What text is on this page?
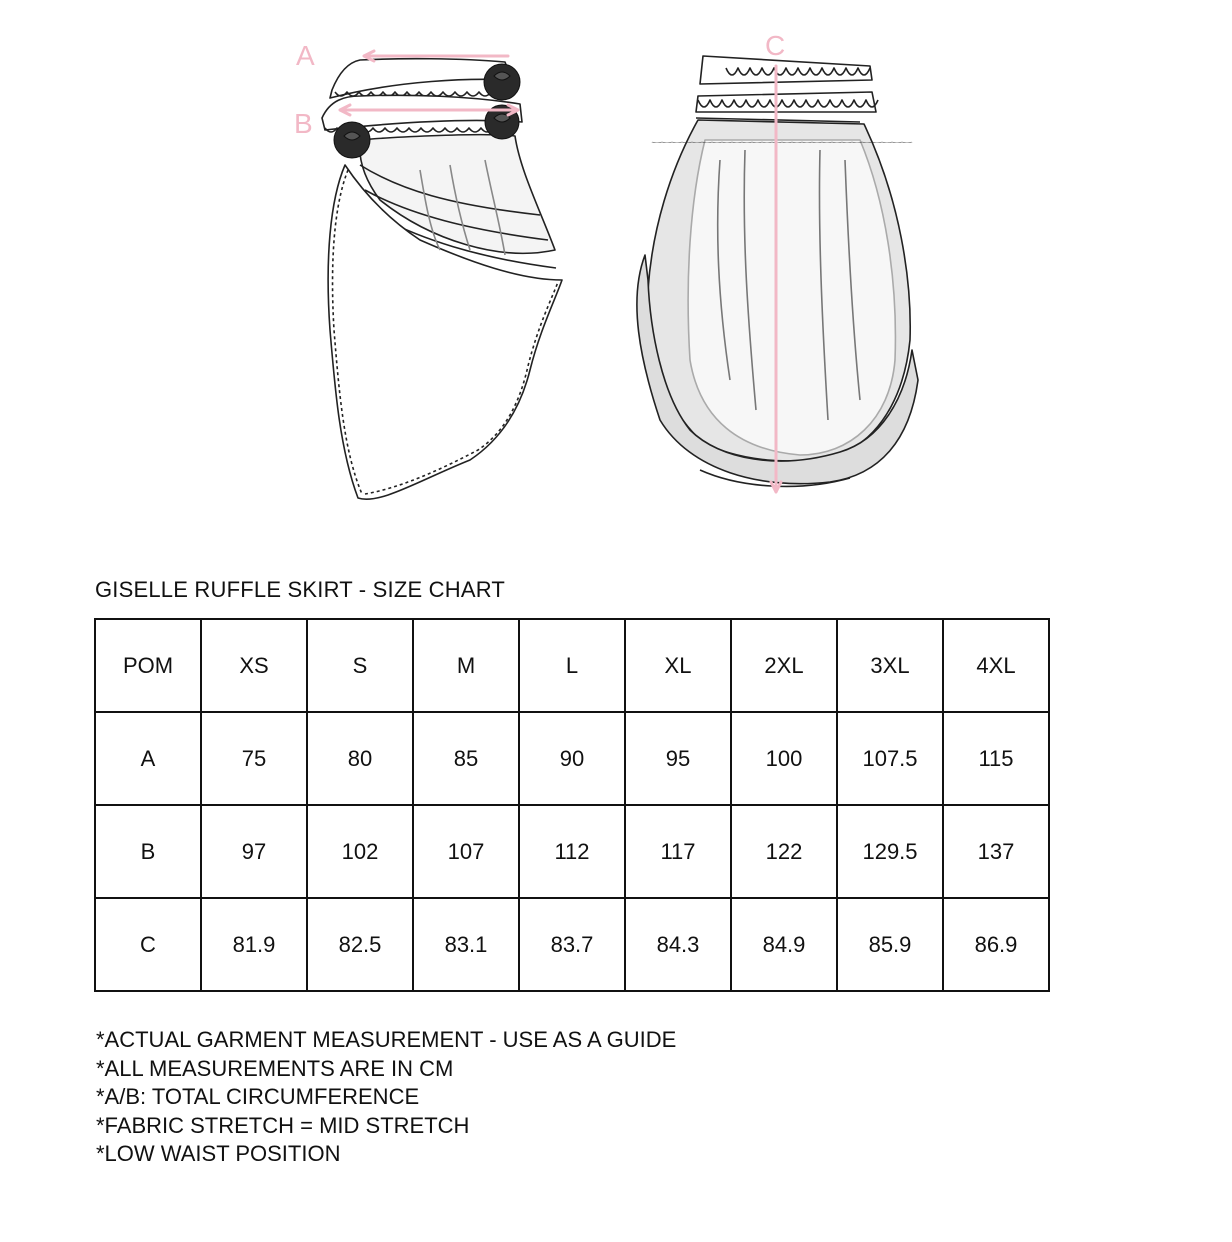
A
B
C
GISELLE RUFFLE SKIRT - SIZE CHART
POM	XS	S	M	L	XL	2XL	3XL	4XL
A	75	80	85	90	95	100	107.5	115
B	97	102	107	112	117	122	129.5	137
C	81.9	82.5	83.1	83.7	84.3	84.9	85.9	86.9
*ACTUAL GARMENT MEASUREMENT - USE AS A GUIDE
*ALL MEASUREMENTS ARE IN CM
*A/B: TOTAL CIRCUMFERENCE
*FABRIC STRETCH = MID STRETCH
*LOW WAIST POSITION
